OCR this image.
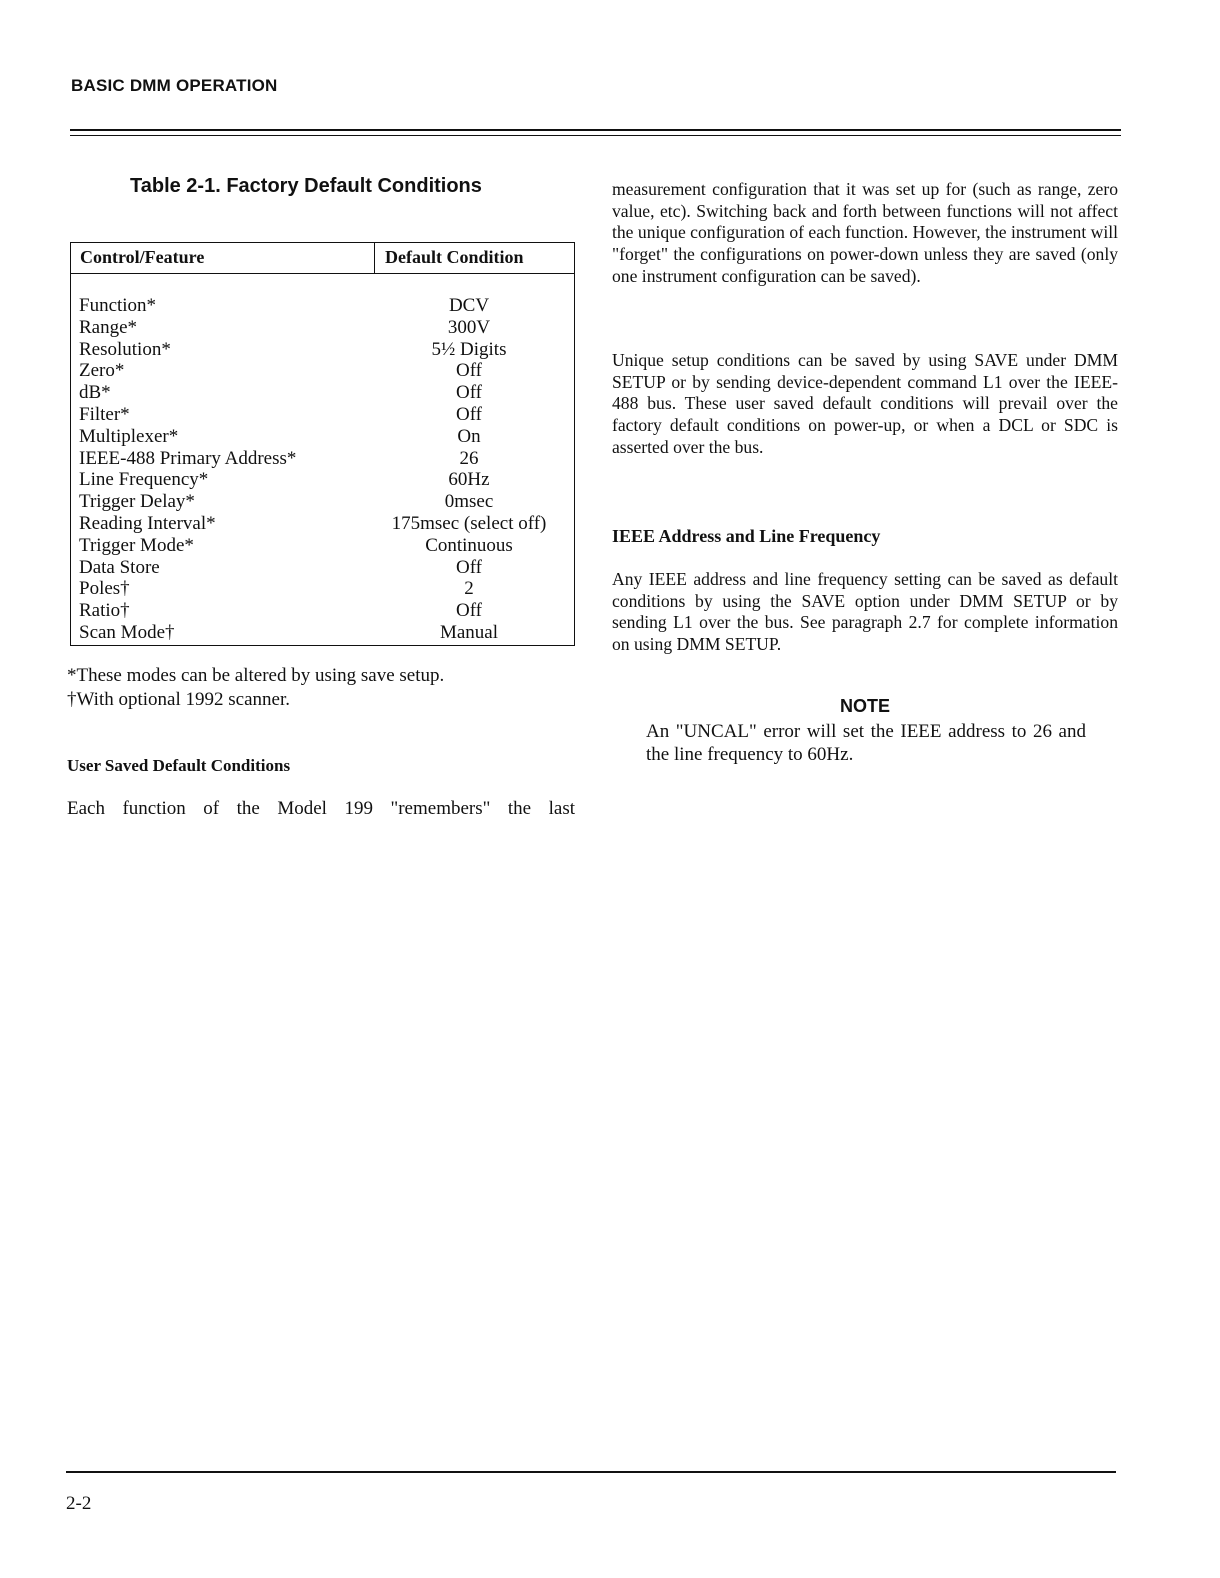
BASIC DMM OPERATION
Table 2-1. Factory Default Conditions
Control/Feature	Default Condition
Function*	DCV
Range*	300V
Resolution*	5½ Digits
Zero*	Off
dB*	Off
Filter*	Off
Multiplexer*	On
IEEE-488 Primary Address*	26
Line Frequency*	60Hz
Trigger Delay*	0msec
Reading Interval*	175msec (select off)
Trigger Mode*	Continuous
Data Store	Off
Poles†	2
Ratio†	Off
Scan Mode†	Manual
*These modes can be altered by using save setup.
†With optional 1992 scanner.
User Saved Default Conditions
Each function of the Model 199 "remembers" the last
measurement configuration that it was set up for (such as range, zero value, etc). Switching back and forth between functions will not affect the unique configuration of each function. However, the instrument will "forget" the configurations on power-down unless they are saved (only one instrument configuration can be saved).
Unique setup conditions can be saved by using SAVE under DMM SETUP or by sending device-dependent command L1 over the IEEE-488 bus. These user saved default conditions will prevail over the factory default conditions on power-up, or when a DCL or SDC is asserted over the bus.
IEEE Address and Line Frequency
Any IEEE address and line frequency setting can be saved as default conditions by using the SAVE option under DMM SETUP or by sending L1 over the bus. See paragraph 2.7 for complete information on using DMM SETUP.
NOTE
An "UNCAL" error will set the IEEE address to 26 and the line frequency to 60Hz.
2-2
